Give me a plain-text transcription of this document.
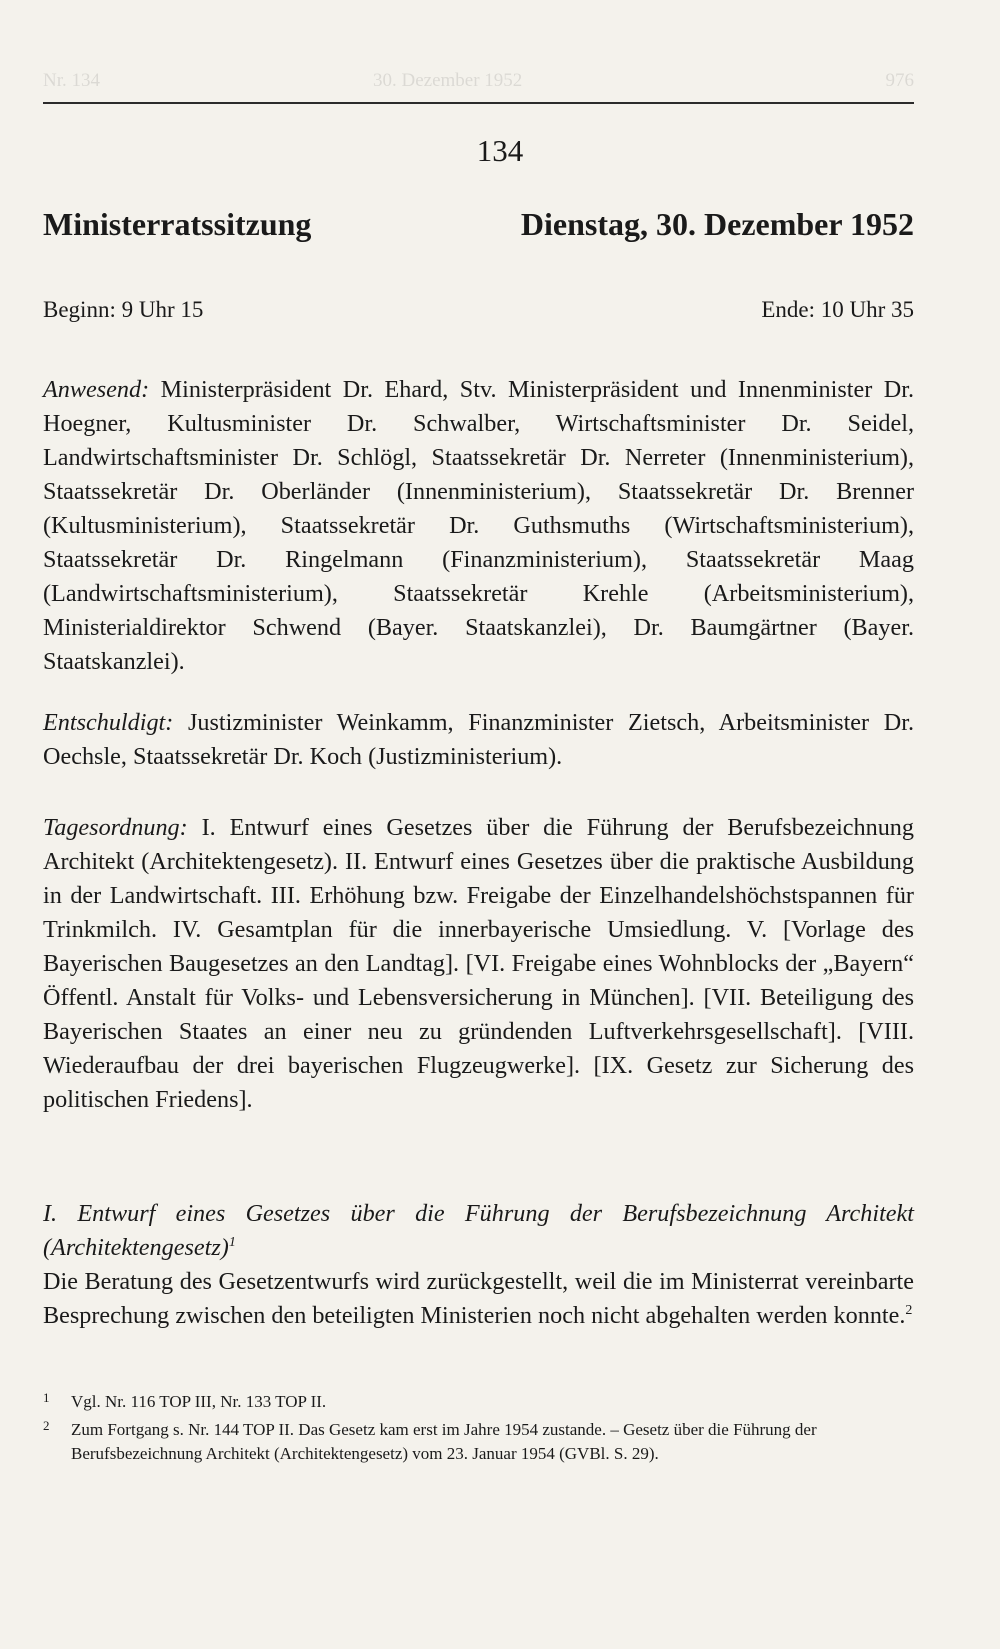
Nr. 134	30. Dezember 1952	976
134
Ministerratssitzung	Dienstag, 30. Dezember 1952
Beginn: 9 Uhr 15	Ende: 10 Uhr 35
Anwesend: Ministerpräsident Dr. Ehard, Stv. Ministerpräsident und Innenminister Dr. Hoegner, Kultusminister Dr. Schwalber, Wirtschaftsminister Dr. Seidel, Landwirtschaftsminister Dr. Schlögl, Staatssekretär Dr. Nerreter (Innenministerium), Staatssekretär Dr. Oberländer (Innenministerium), Staatssekretär Dr. Brenner (Kultusministerium), Staatssekretär Dr. Guthsmuths (Wirtschaftsministerium), Staatssekretär Dr. Ringelmann (Finanzministerium), Staatssekretär Maag (Landwirtschaftsministerium), Staatssekretär Krehle (Arbeitsministerium), Ministerialdirektor Schwend (Bayer. Staatskanzlei), Dr. Baumgärtner (Bayer. Staatskanzlei).
Entschuldigt: Justizminister Weinkamm, Finanzminister Zietsch, Arbeitsminister Dr. Oechsle, Staatssekretär Dr. Koch (Justizministerium).
Tagesordnung: I. Entwurf eines Gesetzes über die Führung der Berufsbezeichnung Architekt (Architektengesetz). II. Entwurf eines Gesetzes über die praktische Ausbildung in der Landwirtschaft. III. Erhöhung bzw. Freigabe der Einzelhandelshöchstspannen für Trinkmilch. IV. Gesamtplan für die innerbayerische Umsiedlung. V. [Vorlage des Bayerischen Baugesetzes an den Landtag]. [VI. Freigabe eines Wohnblocks der „Bayern“ Öffentl. Anstalt für Volks- und Lebensversicherung in München]. [VII. Beteiligung des Bayerischen Staates an einer neu zu gründenden Luftverkehrsgesellschaft]. [VIII. Wiederaufbau der drei bayerischen Flugzeugwerke]. [IX. Gesetz zur Sicherung des politischen Friedens].

I. Entwurf eines Gesetzes über die Führung der Berufsbezeichnung Architekt (Architektengesetz)$^1$

Die Beratung des Gesetzentwurfs wird zurückgestellt, weil die im Ministerrat vereinbarte Besprechung zwischen den beteiligten Ministerien noch nicht abgehalten werden konnte.$^2$

1 Vgl. Nr. 116 TOP III, Nr. 133 TOP II.

2 Zum Fortgang s. Nr. 144 TOP II. Das Gesetz kam erst im Jahre 1954 zustande. – Gesetz über die Führung der Berufsbezeichnung Architekt (Architektengesetz) vom 23. Januar 1954 (GVBl. S. 29).
